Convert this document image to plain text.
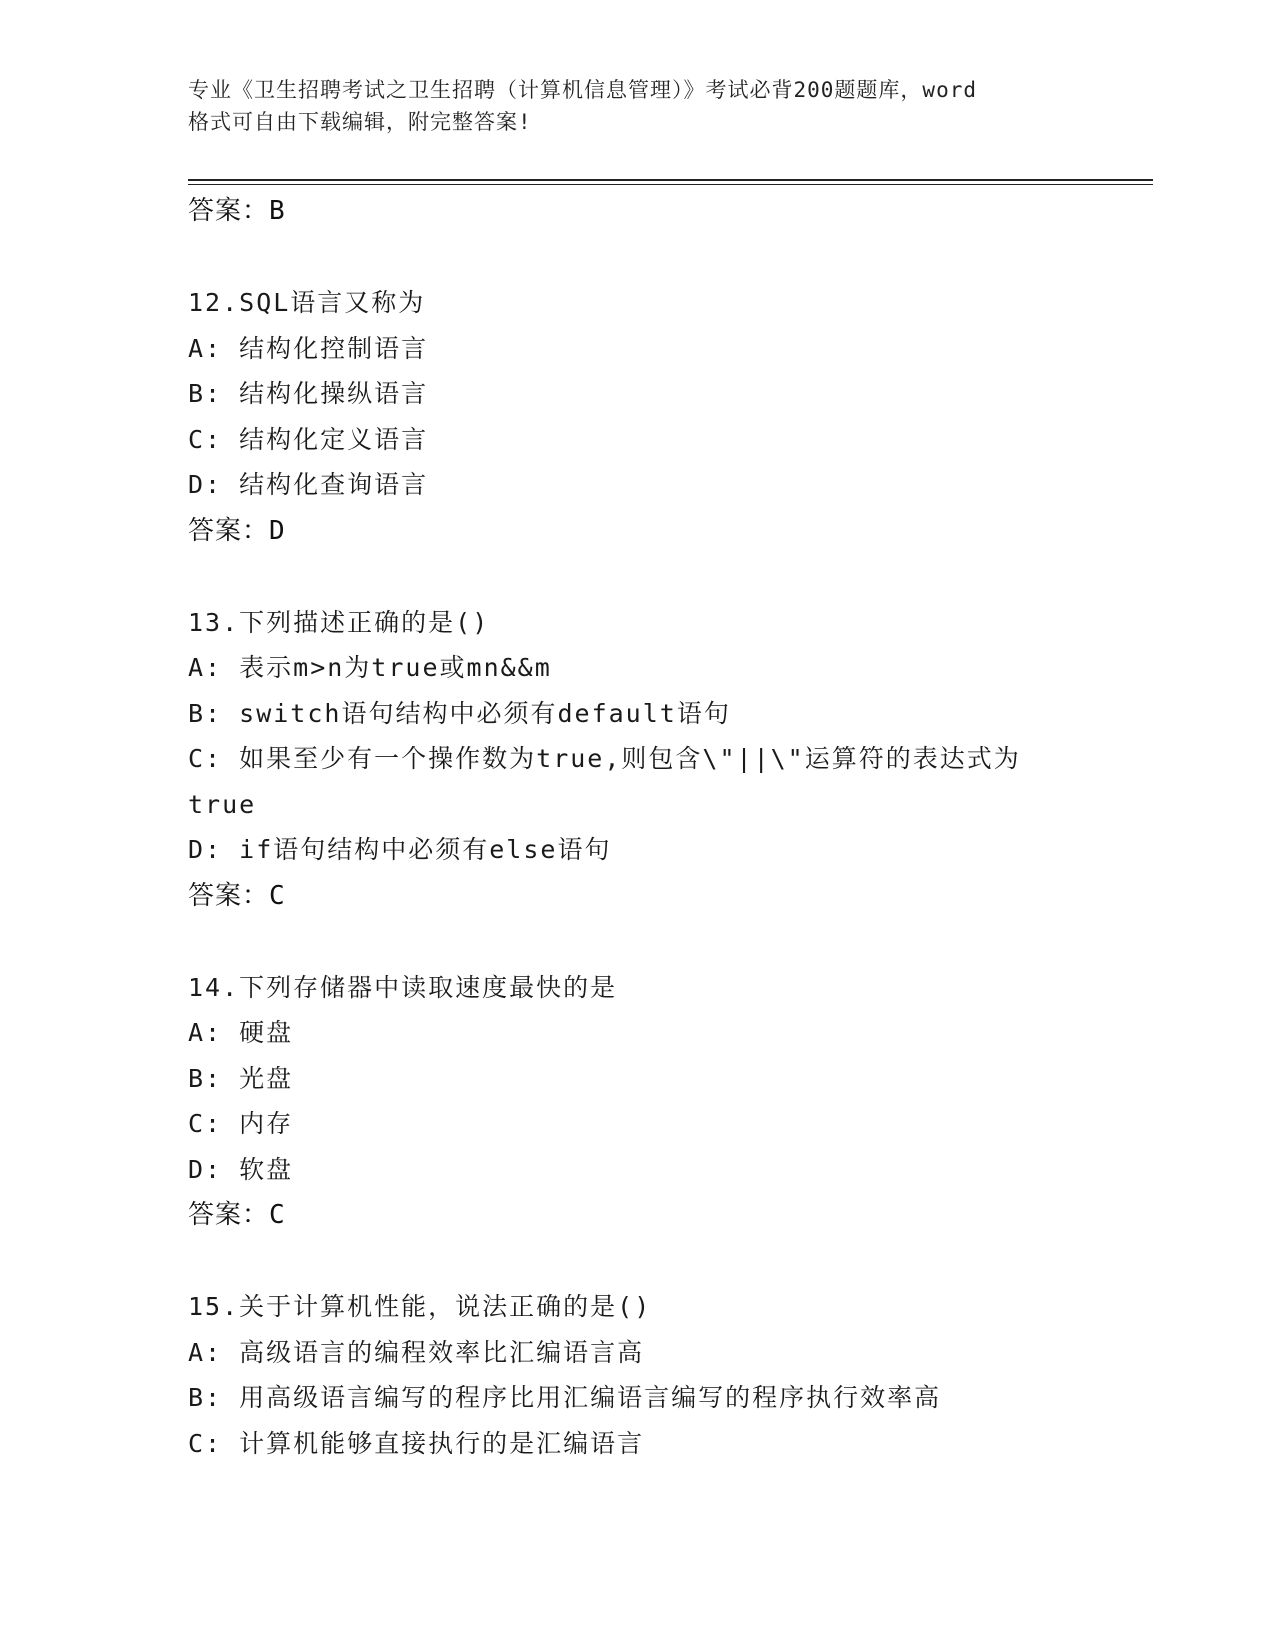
专业《卫生招聘考试之卫生招聘（计算机信息管理）》考试必背200题题库，word
格式可自由下载编辑，附完整答案!
答案：B
12.SQL语言又称为
A: 结构化控制语言
B: 结构化操纵语言
C: 结构化定义语言
D: 结构化查询语言
答案：D
13.下列描述正确的是()
A: 表示m>n为true或mn&&m
B: switch语句结构中必须有default语句
C: 如果至少有一个操作数为true,则包含\"||\"运算符的表达式为
true
D: if语句结构中必须有else语句
答案：C
14.下列存储器中读取速度最快的是
A: 硬盘
B: 光盘
C: 内存
D: 软盘
答案：C
15.关于计算机性能，说法正确的是()
A: 高级语言的编程效率比汇编语言高
B: 用高级语言编写的程序比用汇编语言编写的程序执行效率高
C: 计算机能够直接执行的是汇编语言
